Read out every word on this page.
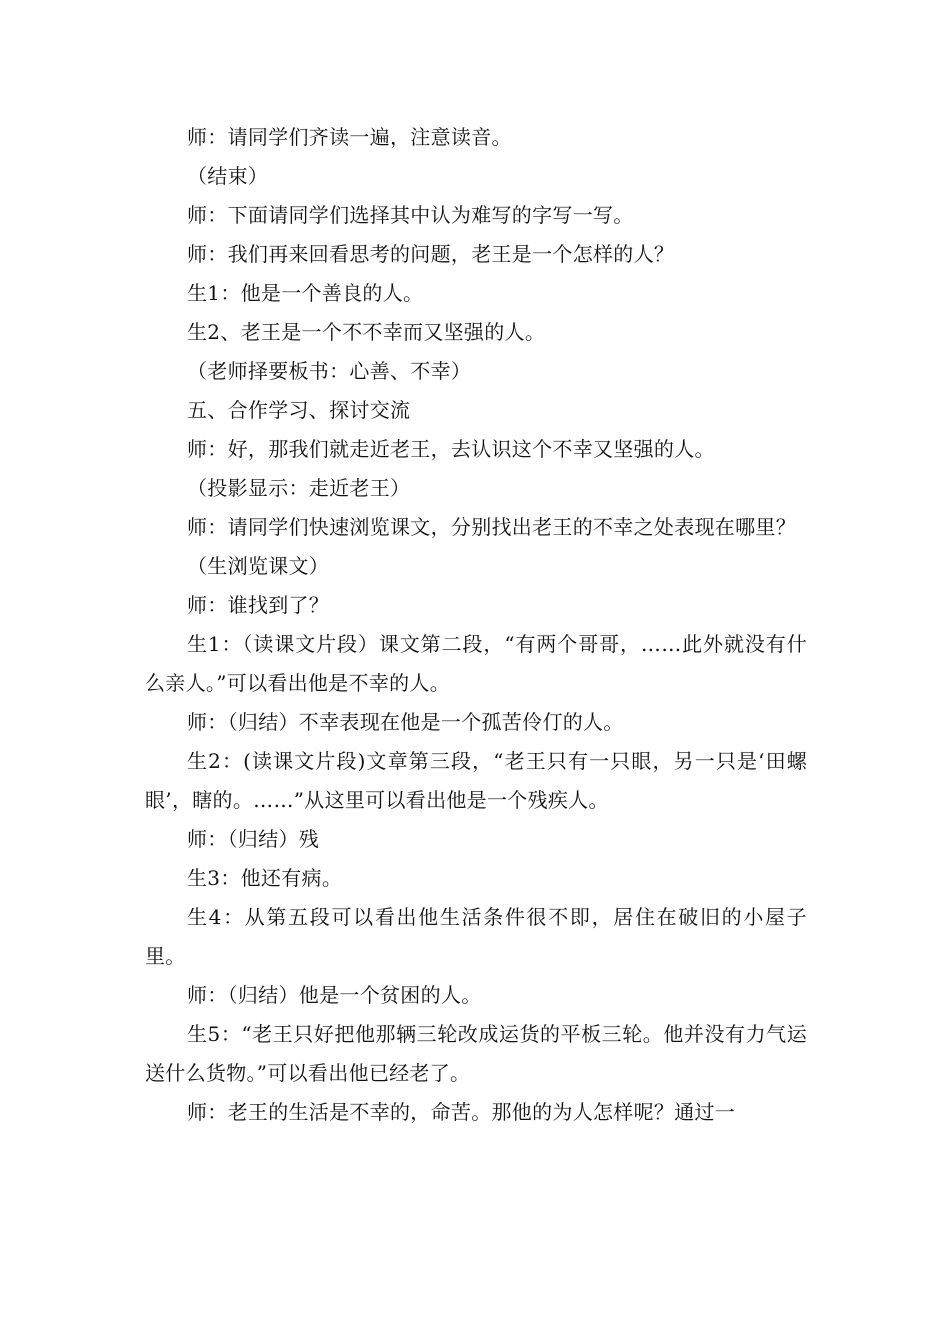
师：请同学们齐读一遍，注意读音。

（结束）

师：下面请同学们选择其中认为难写的字写一写。

师：我们再来回看思考的问题，老王是一个怎样的人？

生1：他是一个善良的人。

生2、老王是一个不不幸而又坚强的人。

（老师择要板书：心善、不幸）

五、合作学习、探讨交流

师：好，那我们就走近老王，去认识这个不幸又坚强的人。

（投影显示：走近老王）

师：请同学们快速浏览课文，分别找出老王的不幸之处表现在哪里？

（生浏览课文）

师：谁找到了？

生1：（读课文片段）课文第二段，“有两个哥哥，……此外就没有什么亲人。”可以看出他是不幸的人。

师：（归结）不幸表现在他是一个孤苦伶仃的人。

生2：(读课文片段)文章第三段，“老王只有一只眼，另一只是‘田螺眼’，瞎的。……”从这里可以看出他是一个残疾人。

师：（归结）残

生3：他还有病。

生4：从第五段可以看出他生活条件很不即，居住在破旧的小屋子里。

师：（归结）他是一个贫困的人。

生5：“老王只好把他那辆三轮改成运货的平板三轮。他并没有力气运送什么货物。”可以看出他已经老了。

师：老王的生活是不幸的，命苦。那他的为人怎样呢？通过一
